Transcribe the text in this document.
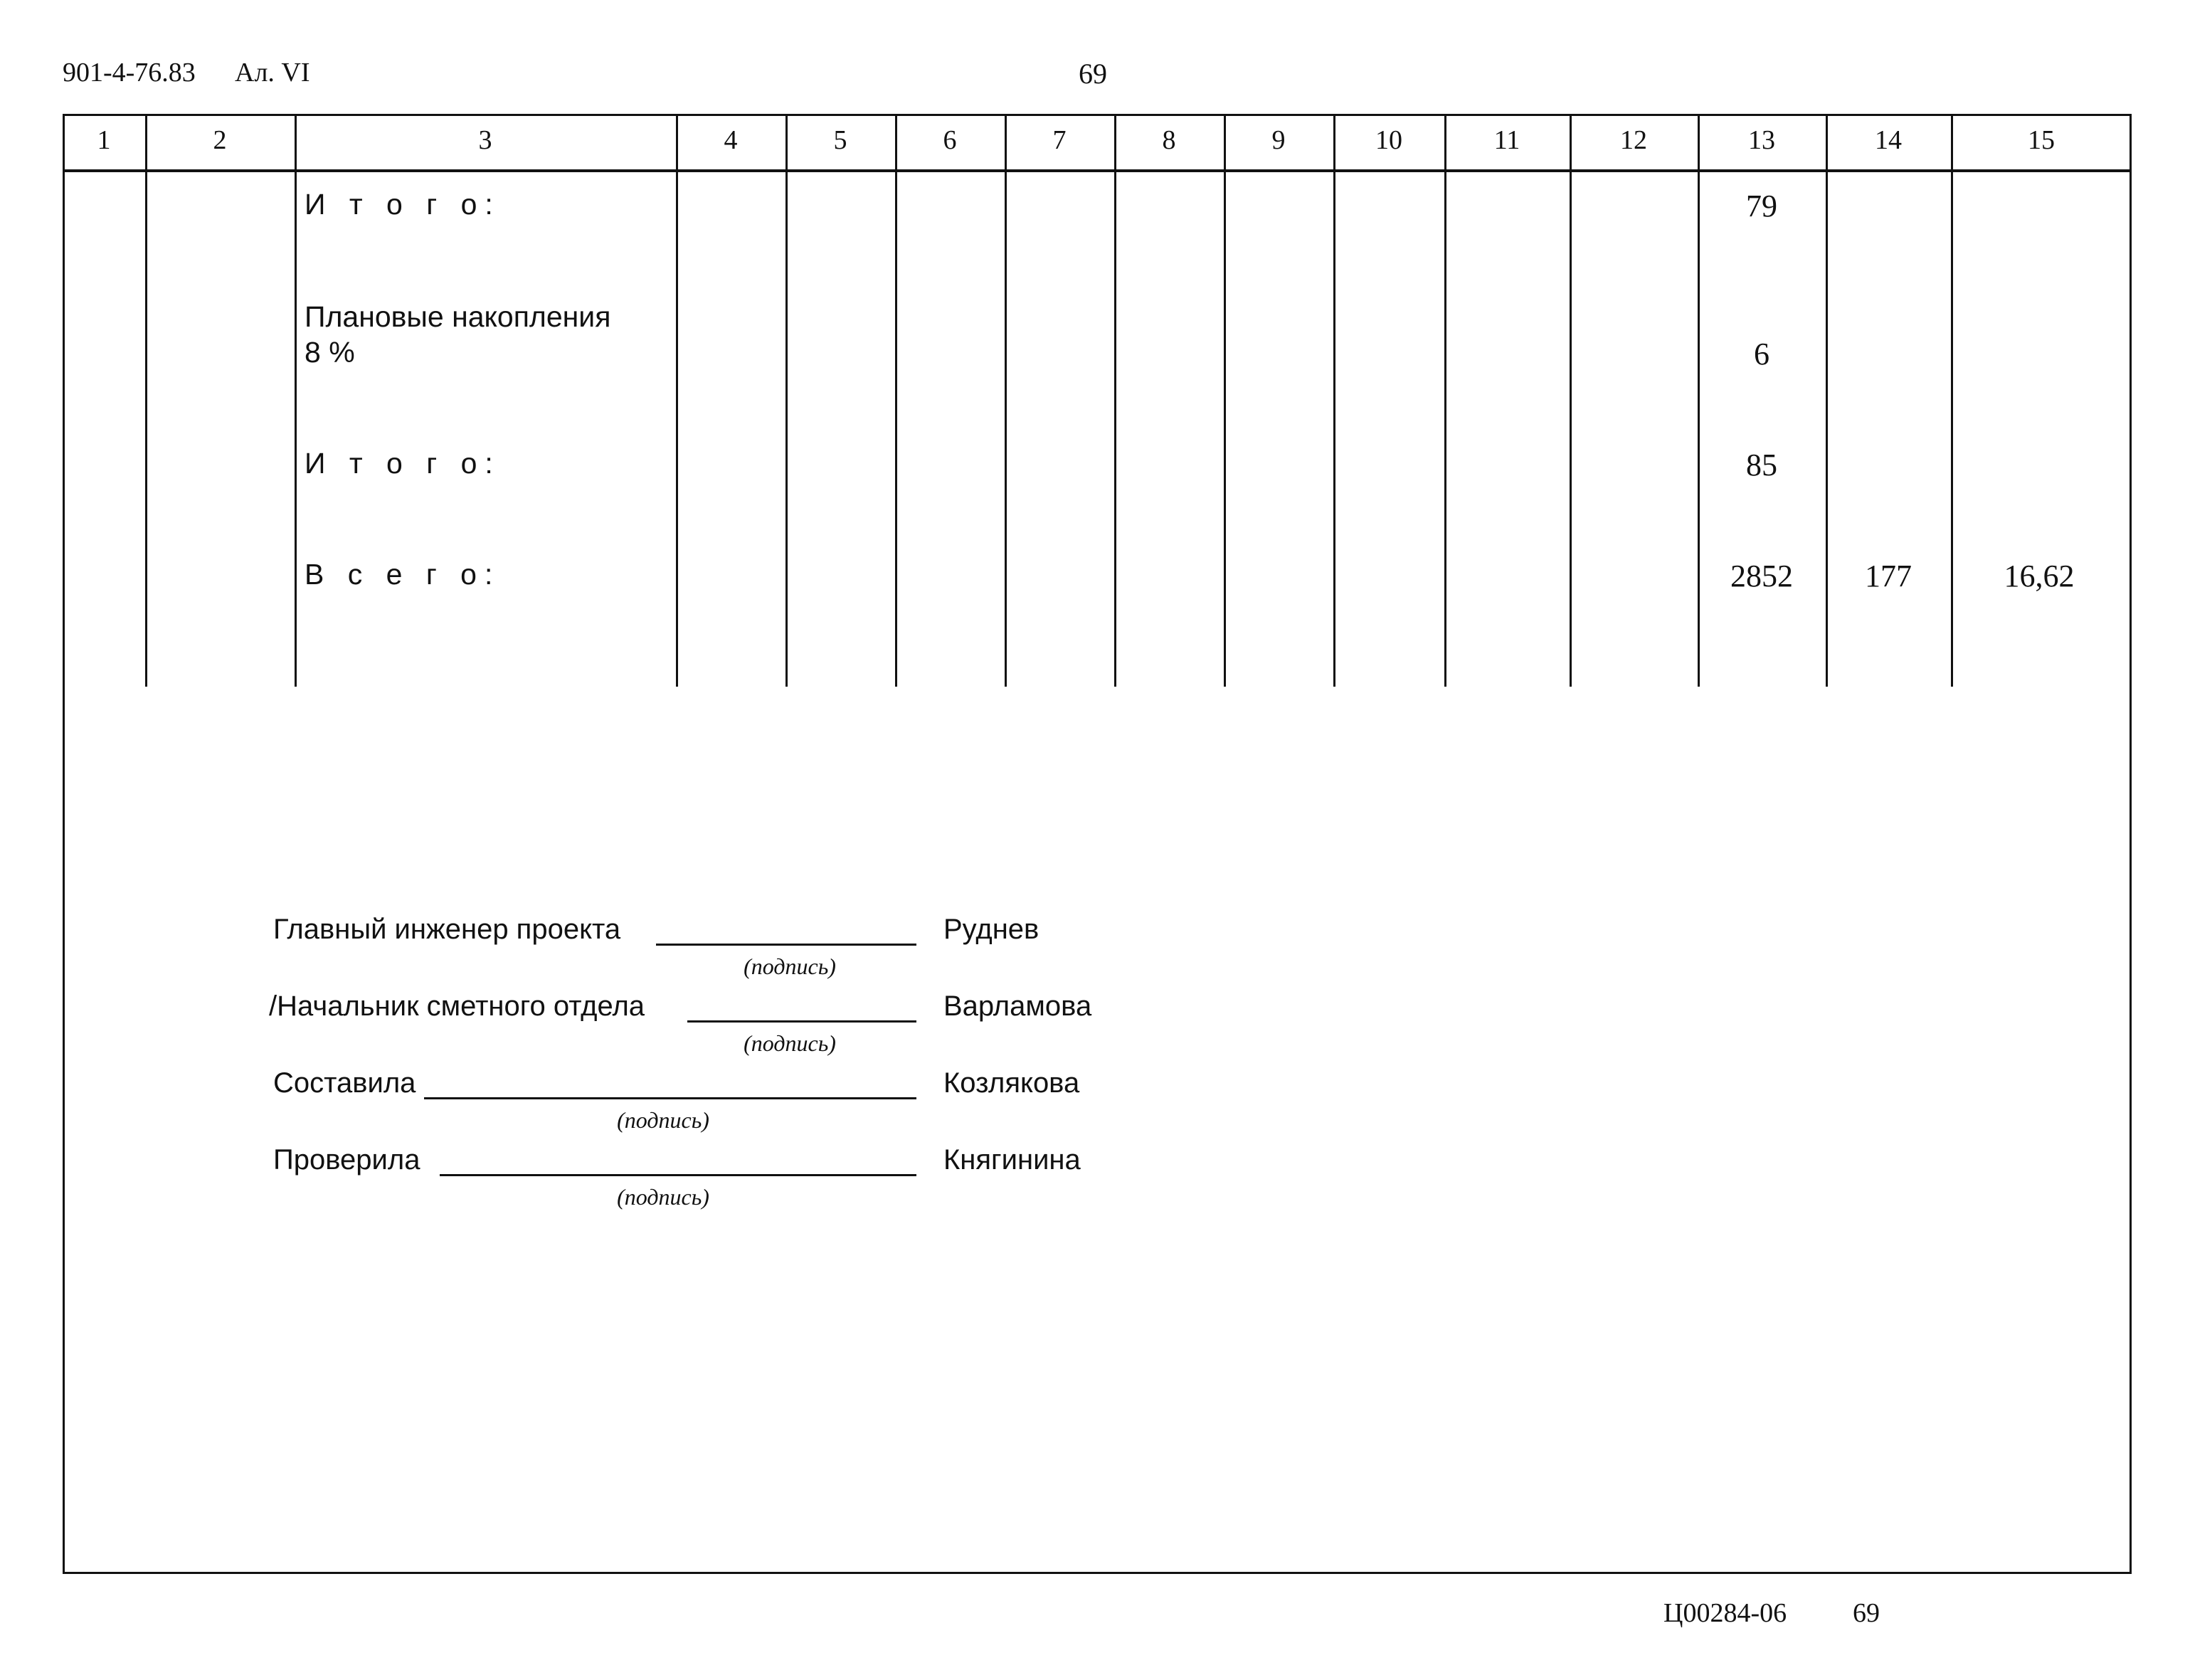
901-4-76.83 Ал. VI	69
1	2	3	4	5	6	7	8	9	10	11	12	13	14	15
И т о г о:	79
Плановые накопления
8 %	6
И т о г о:	85
В с е г о:	2852 177	16,62
Главный инженер проекта
(подпись)
Руднев
/Начальник сметного отдела
(подпись)
Варламова
Составила
(подпись)
Козлякова
Проверила
(подпись)
Княгинина
Ц00284-06 69
